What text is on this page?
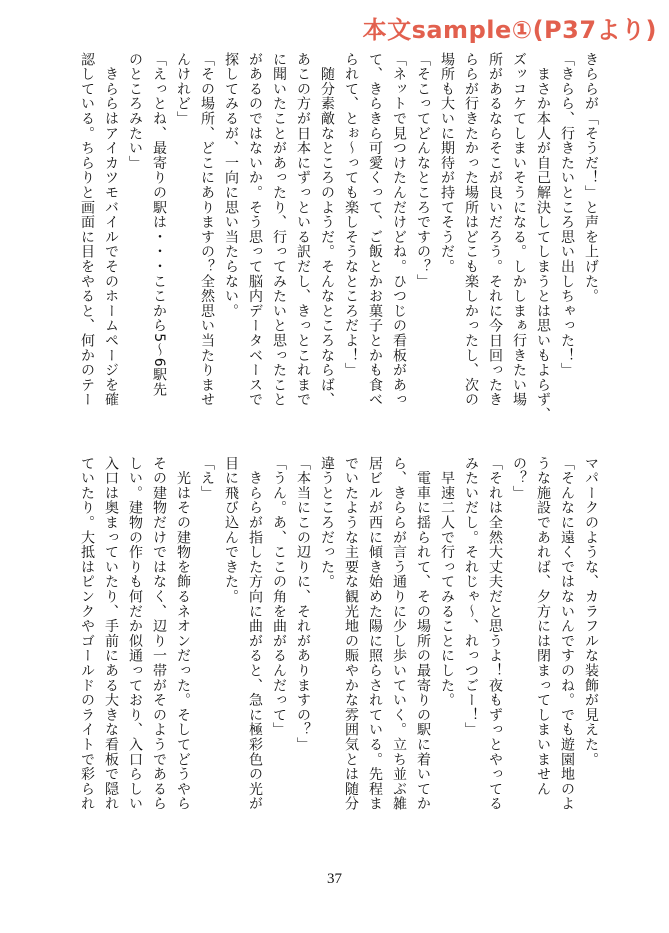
本文sample①(P37より)
きららが「そうだ！」と声を上げた。
「きらら、行きたいところ思い出しちゃった！」
　まさか本人が自己解決してしまうとは思いもよらず、
ズッコケてしまいそうになる。しかしまぁ行きたい場
所があるならそこが良いだろう。それに今日回ったき
ららが行きたかった場所はどこも楽しかったし、次の
場所も大いに期待が持てそうだ。
「そこってどんなところですの？」
「ネットで見つけたんだけどね。ひつじの看板があっ
て、きらきら可愛くって、ご飯とかお菓子とかも食べ
られて、とぉ～っても楽しそうなところだよ！」
　随分素敵なところのようだ。そんなところならば、
あこの方が日本にずっといる訳だし、きっとこれまで
に聞いたことがあったり、行ってみたいと思ったこと
があるのではないか。そう思って脳内データベースで
探してみるが、一向に思い当たらない。
「その場所、どこにありますの？全然思い当たりませ
んけれど」
「えっとね、最寄りの駅は・・・ここから5～6駅先
のところみたい」
　きららはアイカツモバイルでそのホームページを確
認している。ちらりと画面に目をやると、何かのテー
マパークのような、カラフルな装飾が見えた。
「そんなに遠くではないんですのね。でも遊園地のよ
うな施設であれば、夕方には閉まってしまいません
の？」
「それは全然大丈夫だと思うよ！夜もずっとやってる
みたいだし。それじゃ～、れっつごー！」
　早速二人で行ってみることにした。
　電車に揺られて、その場所の最寄りの駅に着いてか
ら、きららが言う通りに少し歩いていく。立ち並ぶ雑
居ビルが西に傾き始めた陽に照らされている。先程ま
でいたような主要な観光地の賑やかな雰囲気とは随分
違うところだった。
「本当にこの辺りに、それがありますの？」
「うん。あ、ここの角を曲がるんだって」
　きららが指した方向に曲がると、急に極彩色の光が
目に飛び込んできた。
「え」
　光はその建物を飾るネオンだった。そしてどうやら
その建物だけではなく、辺り一帯がそのようであるら
しい。建物の作りも何だか似通っており、入口らしい
入口は奥まっていたり、手前にある大きな看板で隠れ
ていたり。大抵はピンクやゴールドのライトで彩られ
37
